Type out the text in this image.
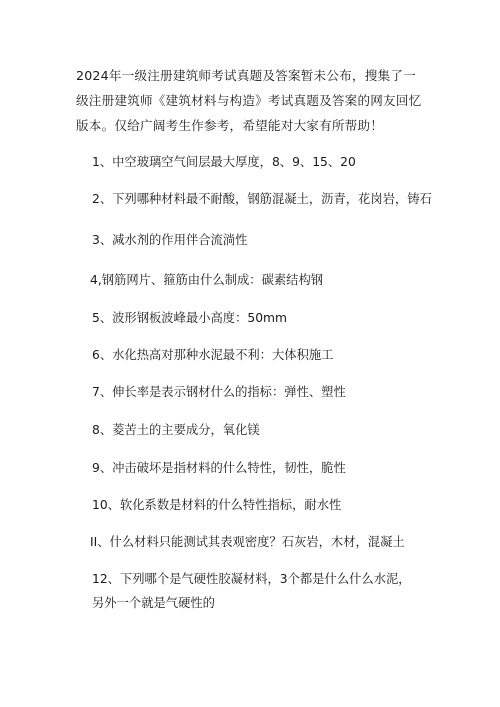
2024年一级注册建筑师考试真题及答案暂未公布，搜集了一级注册建筑师《建筑材料与构造》考试真题及答案的网友回忆版本。仅给广阔考生作参考，希望能对大家有所帮助！

1、中空玻璃空气间层最大厚度，8、9、15、20
2、下列哪种材料最不耐酸，钢筋混凝土，沥青，花岗岩，铸石
3、减水剂的作用伴合流淌性
4,钢筋网片、箍筋由什么制成：碳素结构钢
5、波形钢板波峰最小高度：50mm
6、水化热高对那种水泥最不利：大体积施工
7、伸长率是表示钢材什么的指标：弹性、塑性
8、菱苦土的主要成分，氧化镁
9、冲击破坏是指材料的什么特性，韧性，脆性
10、软化系数是材料的什么特性指标，耐水性
II、什么材料只能测试其表观密度？石灰岩，木材，混凝土
12、下列哪个是气硬性胶凝材料，3个都是什么什么水泥，另外一个就是气硬性的
